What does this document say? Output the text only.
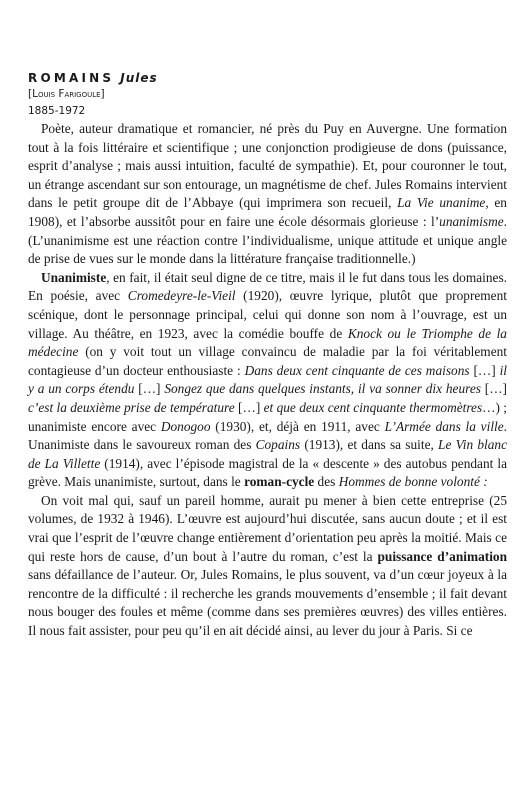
ROMAINS Jules

[Louis Farigoule]

1885-1972

Poète, auteur dramatique et romancier, né près du Puy en Auvergne. Une formation tout à la fois littéraire et scientifique ; une conjonction prodigieuse de dons (puissance, esprit d’analyse ; mais aussi intuition, faculté de sympathie). Et, pour couronner le tout, un étrange ascendant sur son entourage, un magnétisme de chef. Jules Romains intervient dans le petit groupe dit de l’Abbaye (qui imprimera son recueil, La Vie unanime, en 1908), et l’absorbe aussitôt pour en faire une école désormais glorieuse : l’unanimisme. (L’unanimisme est une réaction contre l’individualisme, unique attitude et unique angle de prise de vues sur le monde dans la littérature française traditionnelle.)

Unanimiste, en fait, il était seul digne de ce titre, mais il le fut dans tous les domaines. En poésie, avec Cromedeyre-le-Vieil (1920), œuvre lyrique, plutôt que proprement scénique, dont le personnage principal, celui qui donne son nom à l’ouvrage, est un village. Au théâtre, en 1923, avec la comédie bouffe de Knock ou le Triomphe de la médecine (on y voit tout un village convaincu de maladie par la foi véritablement contagieuse d’un docteur enthousiaste : Dans deux cent cinquante de ces maisons […] il y a un corps étendu […] Songez que dans quelques instants, il va sonner dix heures […] c’est la deuxième prise de température […] et que deux cent cinquante thermomètres…) ; unanimiste encore avec Donogoo (1930), et, déjà en 1911, avec L’Armée dans la ville. Unanimiste dans le savoureux roman des Copains (1913), et dans sa suite, Le Vin blanc de La Villette (1914), avec l’épisode magistral de la « descente » des autobus pendant la grève. Mais unanimiste, surtout, dans le roman-cycle des Hommes de bonne volonté :

On voit mal qui, sauf un pareil homme, aurait pu mener à bien cette entreprise (25 volumes, de 1932 à 1946). L’œuvre est aujourd’hui discutée, sans aucun doute ; et il est vrai que l’esprit de l’œuvre change entièrement d’orientation peu après la moitié. Mais ce qui reste hors de cause, d’un bout à l’autre du roman, c’est la puissance d’animation sans défaillance de l’auteur. Or, Jules Romains, le plus souvent, va d’un cœur joyeux à la rencontre de la difficulté : il recherche les grands mouvements d’ensemble ; il fait devant nous bouger des foules et même (comme dans ses premières œuvres) des villes entières. Il nous fait assister, pour peu qu’il en ait décidé ainsi, au lever du jour à Paris. Si ce
